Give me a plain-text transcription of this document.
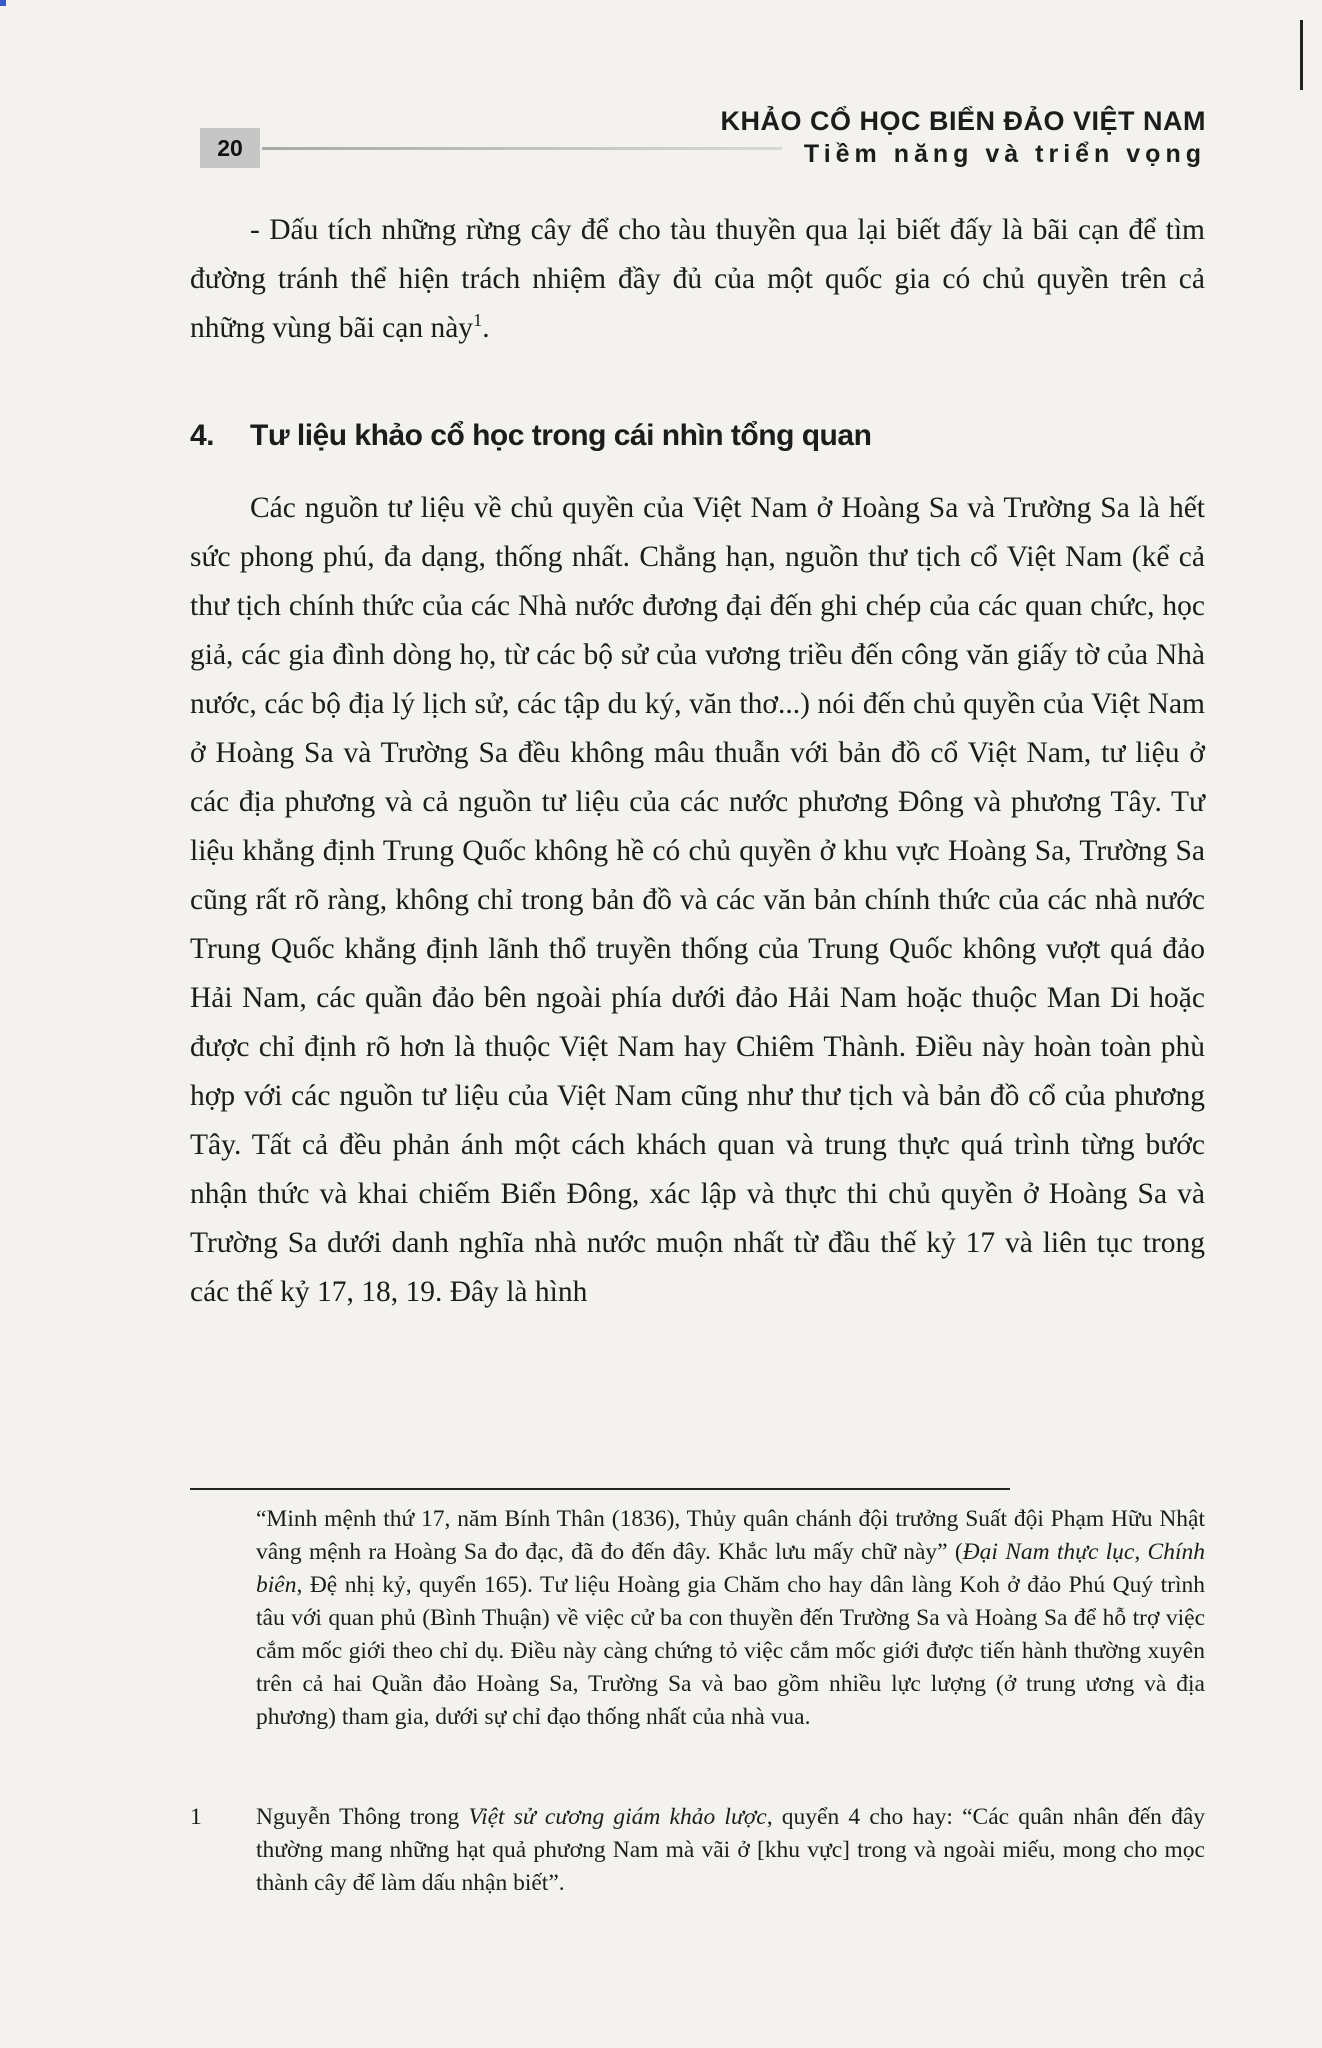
20
KHẢO CỔ HỌC BIỂN ĐẢO VIỆT NAM
Tiềm năng và triển vọng

- Dấu tích những rừng cây để cho tàu thuyền qua lại biết đấy là bãi cạn để tìm đường tránh thể hiện trách nhiệm đầy đủ của một quốc gia có chủ quyền trên cả những vùng bãi cạn này$^1$.

4. Tư liệu khảo cổ học trong cái nhìn tổng quan

Các nguồn tư liệu về chủ quyền của Việt Nam ở Hoàng Sa và Trường Sa là hết sức phong phú, đa dạng, thống nhất. Chẳng hạn, nguồn thư tịch cổ Việt Nam (kể cả thư tịch chính thức của các Nhà nước đương đại đến ghi chép của các quan chức, học giả, các gia đình dòng họ, từ các bộ sử của vương triều đến công văn giấy tờ của Nhà nước, các bộ địa lý lịch sử, các tập du ký, văn thơ...) nói đến chủ quyền của Việt Nam ở Hoàng Sa và Trường Sa đều không mâu thuẫn với bản đồ cổ Việt Nam, tư liệu ở các địa phương và cả nguồn tư liệu của các nước phương Đông và phương Tây. Tư liệu khẳng định Trung Quốc không hề có chủ quyền ở khu vực Hoàng Sa, Trường Sa cũng rất rõ ràng, không chỉ trong bản đồ và các văn bản chính thức của các nhà nước Trung Quốc khẳng định lãnh thổ truyền thống của Trung Quốc không vượt quá đảo Hải Nam, các quần đảo bên ngoài phía dưới đảo Hải Nam hoặc thuộc Man Di hoặc được chỉ định rõ hơn là thuộc Việt Nam hay Chiêm Thành. Điều này hoàn toàn phù hợp với các nguồn tư liệu của Việt Nam cũng như thư tịch và bản đồ cổ của phương Tây. Tất cả đều phản ánh một cách khách quan và trung thực quá trình từng bước nhận thức và khai chiếm Biển Đông, xác lập và thực thi chủ quyền ở Hoàng Sa và Trường Sa dưới danh nghĩa nhà nước muộn nhất từ đầu thế kỷ 17 và liên tục trong các thế kỷ 17, 18, 19. Đây là hình

“Minh mệnh thứ 17, năm Bính Thân (1836), Thủy quân chánh đội trưởng Suất đội Phạm Hữu Nhật vâng mệnh ra Hoàng Sa đo đạc, đã đo đến đây. Khắc lưu mấy chữ này” (Đại Nam thực lục, Chính biên, Đệ nhị kỷ, quyển 165). Tư liệu Hoàng gia Chăm cho hay dân làng Koh ở đảo Phú Quý trình tâu với quan phủ (Bình Thuận) về việc cử ba con thuyền đến Trường Sa và Hoàng Sa để hỗ trợ việc cắm mốc giới theo chỉ dụ. Điều này càng chứng tỏ việc cắm mốc giới được tiến hành thường xuyên trên cả hai Quần đảo Hoàng Sa, Trường Sa và bao gồm nhiều lực lượng (ở trung ương và địa phương) tham gia, dưới sự chỉ đạo thống nhất của nhà vua.
1 Nguyễn Thông trong Việt sử cương giám khảo lược, quyển 4 cho hay: “Các quân nhân đến đây thường mang những hạt quả phương Nam mà vãi ở [khu vực] trong và ngoài miếu, mong cho mọc thành cây để làm dấu nhận biết”.
